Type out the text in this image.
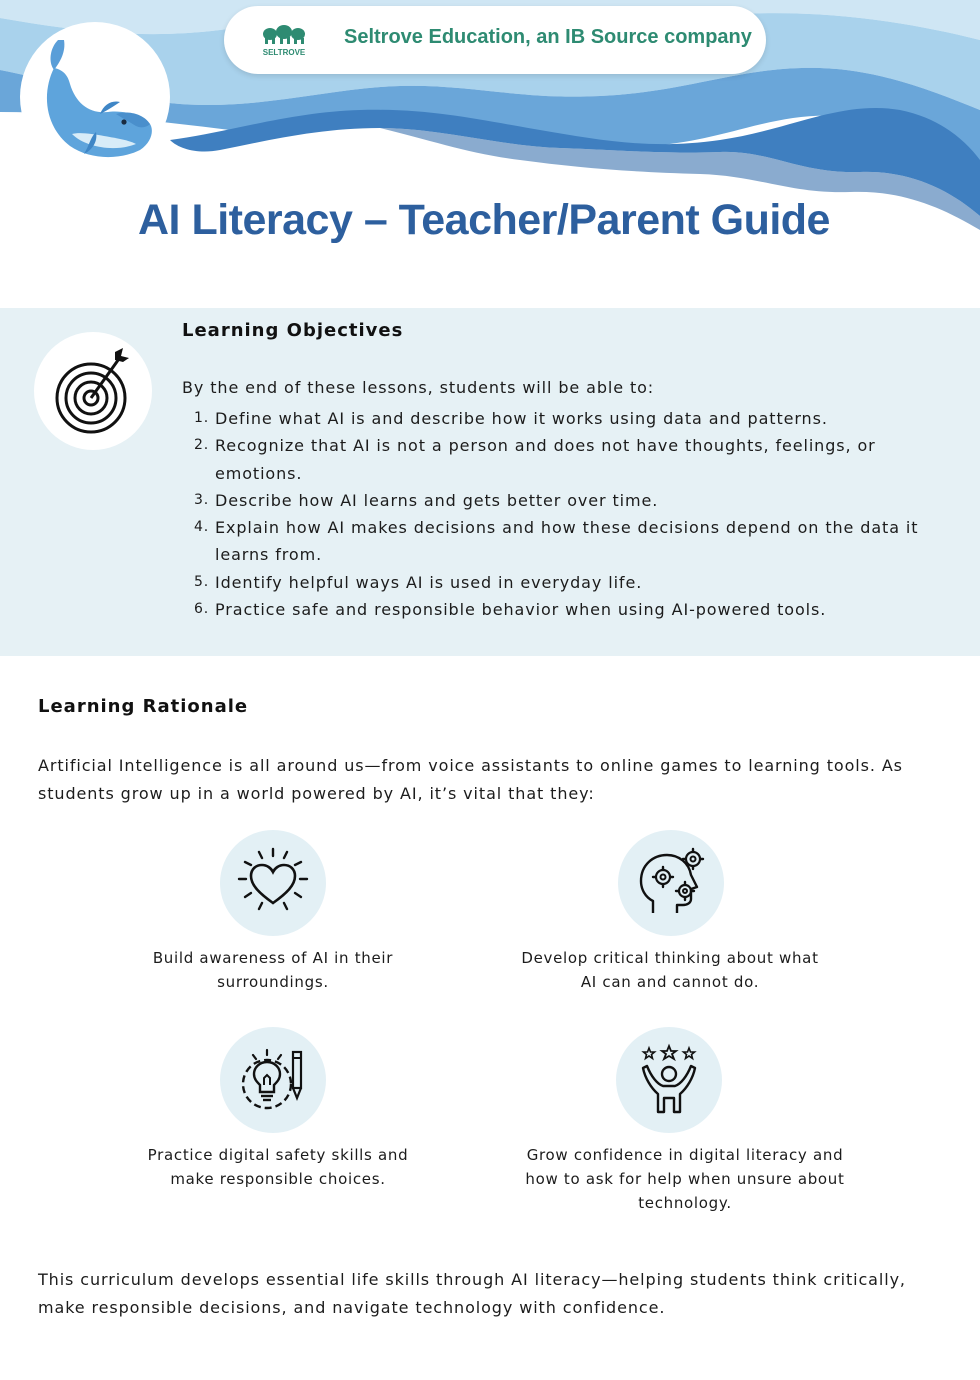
SELTROVE
Seltrove Education, an IB Source company
AI Literacy – Teacher/Parent Guide
Learning Objectives
By the end of these lessons, students will be able to:
1. Define what AI is and describe how it works using data and patterns.
2. Recognize that AI is not a person and does not have thoughts, feelings, or emotions.
3. Describe how AI learns and gets better over time.
4. Explain how AI makes decisions and how these decisions depend on the data it learns from.
5. Identify helpful ways AI is used in everyday life.
6. Practice safe and responsible behavior when using AI-powered tools.
Learning Rationale
Artificial Intelligence is all around us—from voice assistants to online games to learning tools. As students grow up in a world powered by AI, it’s vital that they:
Build awareness of AI in their surroundings.
Develop critical thinking about what AI can and cannot do.
Practice digital safety skills and make responsible choices.
Grow confidence in digital literacy and how to ask for help when unsure about technology.
This curriculum develops essential life skills through AI literacy—helping students think critically, make responsible decisions, and navigate technology with confidence.
